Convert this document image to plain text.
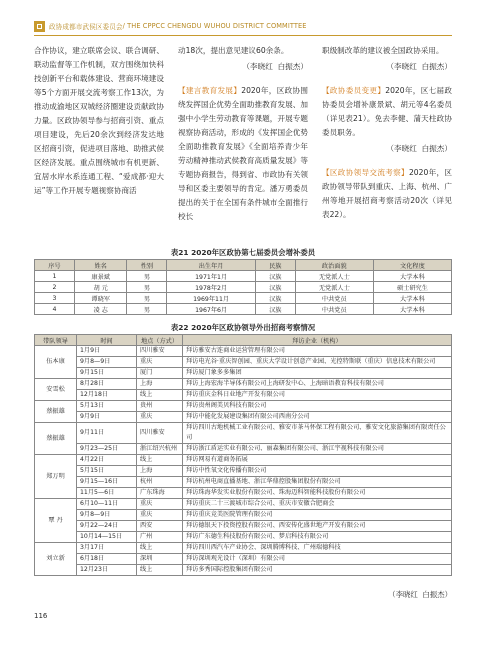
政协成都市武侯区委员会 / THE CPPCC CHENGDU WUHOU DISTRICT COMMITTEE

合作协议，建立联席会议、联合调研、联动监督等工作机制，双方围绕加快科技创新平台和载体建设、营商环境建设等5个方面开展交流考察工作13次，为推动成渝地区双城经济圈建设贡献政协力量。区政协领导参与招商引资、重点项目建设，先后20余次到经济发达地区招商引资，促进项目落地、助推武侯区经济发展。重点围绕城市有机更新、宜居水岸水系连通工程、“爱成都·迎大运”等工作开展专题视察协商活

动18次，提出意见建议60余条。

（李晓红  白振杰）

【建言教育发展】2020年，区政协围绕发挥国企优势全面助推教育发展、加强中小学生劳动教育等课题，开展专题视察协商活动，形成的《发挥国企优势全面助推教育发展》《全面培养青少年劳动精神推动武侯教育高质量发展》等专题协商报告，得到省、市政协有关领导和区委主要领导的肯定。潘万勇委员提出的关于在全国有条件城市全面推行校长

职级制改革的建议被全国政协采用。

（李晓红  白振杰）

【政协委员变更】2020年，区七届政协委员会增补康景斌、胡元等4名委员（详见表21）。免去李健、蒲天柱政协委员职务。

（李晓红  白振杰）

【区政协领导交流考察】2020年，区政协领导带队到重庆、上海、杭州、广州等地开展招商考察活动20次（详见表22）。

表21 2020年区政协第七届委员会增补委员
序号	姓名	性别	出生年月	民族	政治面貌	文化程度
1	康景斌	男	1971年1月	汉族	无党派人士	大学本科
2	胡 元	男	1978年2月	汉族	无党派人士	硕士研究生
3	谭晓军	男	1969年11月	汉族	中共党员	大学本科
4	凌 志	男	1967年6月	汉族	中共党员	大学本科
表22 2020年区政协领导外出招商考察情况
带队领导	时间	地点（方式）	拜访企业（机构）
伍本康	1月9日	四川雅安	拜访雅安古连商业运营管理有限公司
	9月8—9日	重庆	拜访电光谷·重庆智创园、重庆大学设计创意产业园、光控特斯联（重庆）信息技术有限公司
	9月15日	厦门	拜访厦门象多多集团
安雪松	8月28日	上海	拜访上海宏海半导体有限公司上海研发中心、上海暗语教育科技有限公司
	12月18日	线上	拜访重庆金科日业地产开发有限公司
蔡振雄	5月13日	贵州	拜访贵州阁美贝科技有限公司
	9月9日	重庆	拜访中能化发展建设集团有限公司西南分公司
蔡振雄	9月11日	四川雅安	拜访四川古地机械工业有限公司、雅安市茶马怀保工程有限公司、雅安文化旅游集团有限责任公司
	9月23—25日	浙江绍兴杭州	拜访浙江盾运实业有限公司、丽森集团有限公司、浙江宇视科技有限公司
郑万明	4月22日	线上	拜访网易有道商务拓展
	5月15日	上海	拜访中性氧文化传播有限公司
	9月15—16日	杭州	拜访杭州电商直播基地、浙江华鼎控股集团股份有限公司
	11月5—6日	广东珠海	拜访珠海华发实业股份有限公司、珠海迈科智能科技股份有限公司
覃 丹	6月10—11日	重庆	拜访重庆二十三渡城市综合公司、重庆市安徽合肥商会
	9月8—9日	重庆	拜访重庆竞美医院管理有限公司
	9月22—24日	西安	拜访德银天下投资控股有限公司、西安传化盛世地产开发有限公司
	10月14—15日	广州	拜访广东德生科技股份有限公司、梦启科技有限公司
刘立新	3月17日	线上	拜访四川西汽车产业协会、深圳腾博科技、广州瑞德科技
	6月18日	深圳	拜访深圳观光设计（深圳）有限公司
	12月23日	线上	拜访多秀国际控股集团有限公司
（李晓红  白振杰）
116
